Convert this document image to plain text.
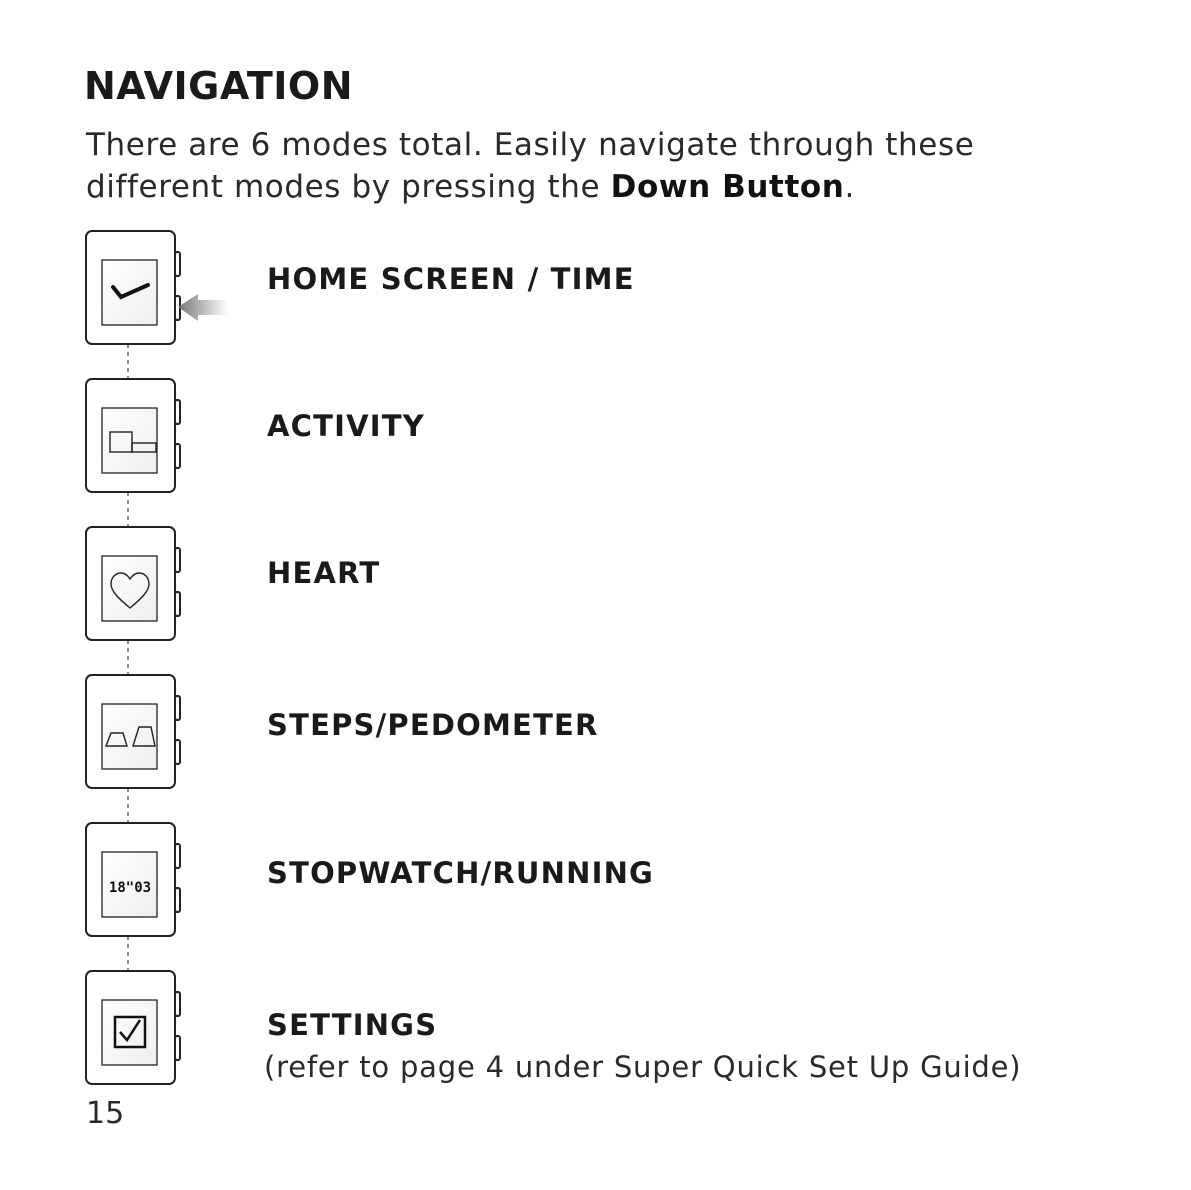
NAVIGATION
There are 6 modes total. Easily navigate through these different modes by pressing the Down Button.
18"03
HOME SCREEN / TIME
ACTIVITY
HEART
STEPS/PEDOMETER
STOPWATCH/RUNNING
SETTINGS
(refer to page 4 under Super Quick Set Up Guide)
15
